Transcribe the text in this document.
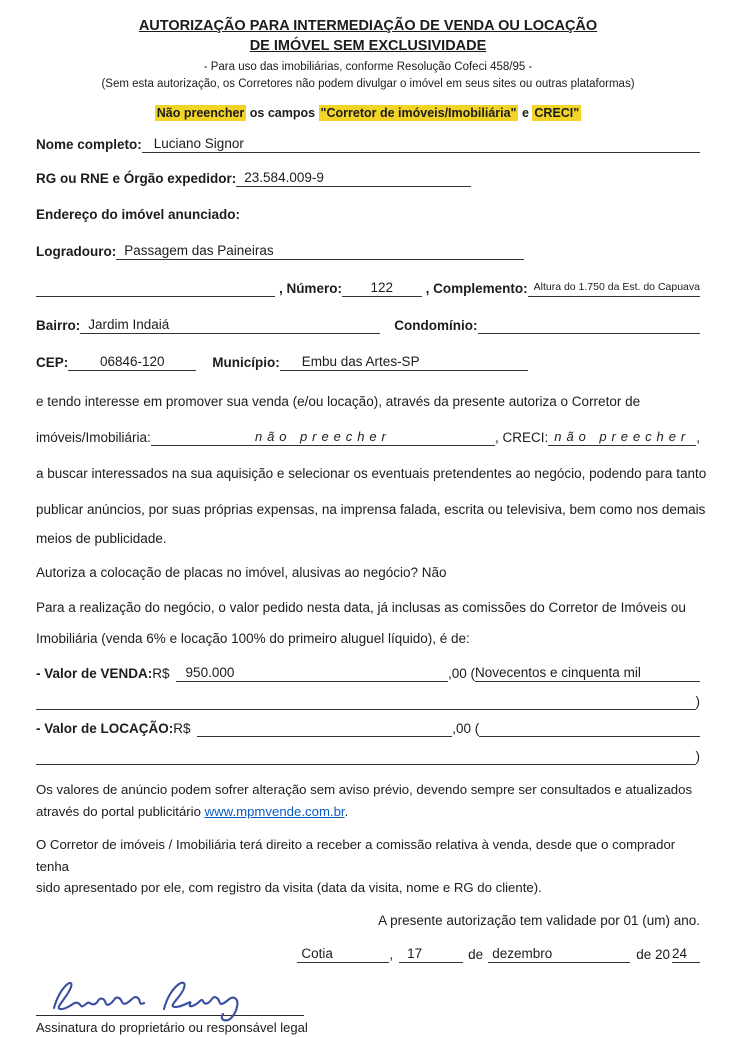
AUTORIZAÇÃO PARA INTERMEDIAÇÃO DE VENDA OU LOCAÇÃO
DE IMÓVEL SEM EXCLUSIVIDADE
- Para uso das imobiliárias, conforme Resolução Cofeci 458/95 -
(Sem esta autorização, os Corretores não podem divulgar o imóvel em seus sites ou outras plataformas)
Não preencher os campos "Corretor de imóveis/Imobiliária" e CRECI"
Nome completo: Luciano Signor
RG ou RNE e Órgão expedidor: 23.584.009-9
Endereço do imóvel anunciado:
Logradouro: Passagem das Paineiras
, Número: 122 , Complemento: Altura do 1.750 da Est. do Capuava
Bairro: Jardim Indaiá	Condomínio:
CEP: 06846-120	Município:	Embu das Artes-SP
e tendo interesse em promover sua venda (e/ou locação), através da presente autoriza o Corretor de
imóveis/Imobiliária:	não preecher	, CRECI: não preecher ,
a buscar interessados na sua aquisição e selecionar os eventuais pretendentes ao negócio, podendo para tanto
publicar anúncios, por suas próprias expensas, na imprensa falada, escrita ou televisiva, bem como nos demais
meios de publicidade.
Autoriza a colocação de placas no imóvel, alusivas ao negócio? Não
Para a realização do negócio, o valor pedido nesta data, já inclusas as comissões do Corretor de Imóveis ou
Imobiliária (venda 6% e locação 100% do primeiro aluguel líquido), é de:
- Valor de VENDA: R$	950.000	,00 ( Novecentos e cinquenta mil
)
- Valor de LOCAÇÃO: R$	,00 (
)
Os valores de anúncio podem sofrer alteração sem aviso prévio, devendo sempre ser consultados e atualizados
através do portal publicitário www.mpmvende.com.br.
O Corretor de imóveis / Imobiliária terá direito a receber a comissão relativa à venda, desde que o comprador tenha
sido apresentado por ele, com registro da visita (data da visita, nome e RG do cliente).
A presente autorização tem validade por 01 (um) ano.
Cotia	,	17	de dezembro	de 20 24
Assinatura do proprietário ou responsável legal
